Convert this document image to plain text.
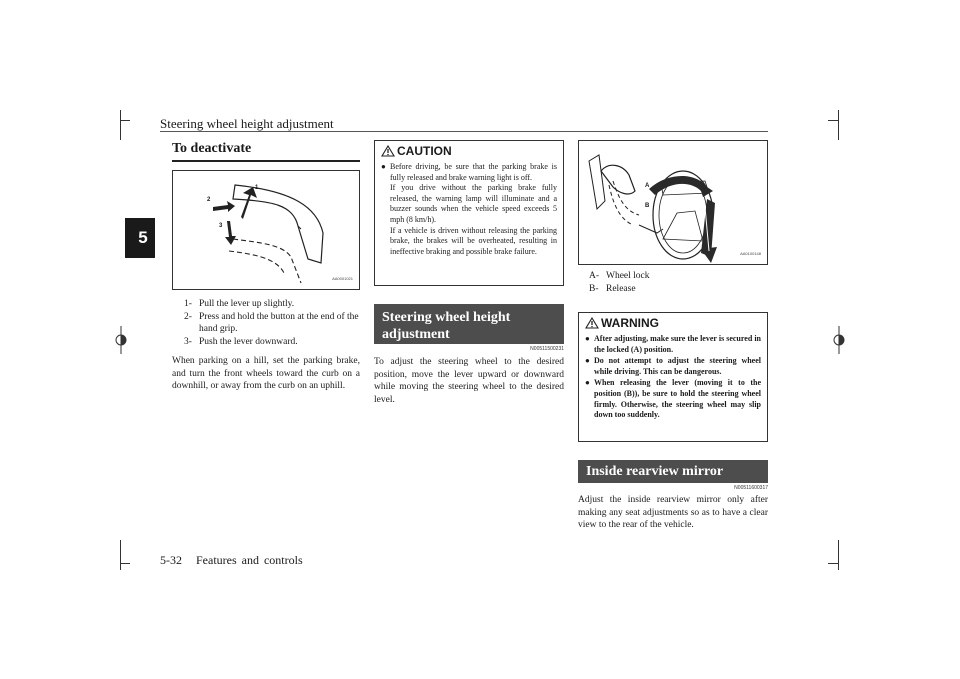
Steering wheel height adjustment
5
To deactivate
1
2
3
AA0001021
1- Pull the lever up slightly.
2- Press and hold the button at the end of the hand grip.
3- Push the lever downward.
When parking on a hill, set the parking brake, and turn the front wheels toward the curb on a downhill, or away from the curb on an uphill.
CAUTION
● Before driving, be sure that the parking brake is fully released and brake warning light is off.
If you drive without the parking brake fully released, the warning lamp will illuminate and a buzzer sounds when the vehicle speed exceeds 5 mph (8 km/h).
If a vehicle is driven without releasing the parking brake, the brakes will be overheated, resulting in ineffective braking and possible brake failure.
Steering wheel height adjustment
N00511500231
To adjust the steering wheel to the desired position, move the lever upward or downward while moving the steering wheel to the desired level.
A
B
AA0100148
A- Wheel lock
B- Release
WARNING
● After adjusting, make sure the lever is secured in the locked (A) position.
● Do not attempt to adjust the steering wheel while driving. This can be dangerous.
● When releasing the lever (moving it to the position (B)), be sure to hold the steering wheel firmly. Otherwise, the steering wheel may slip down too suddenly.
Inside rearview mirror
N00511600317
Adjust the inside rearview mirror only after making any seat adjustments so as to have a clear view to the rear of the vehicle.
5-32 Features and controls
